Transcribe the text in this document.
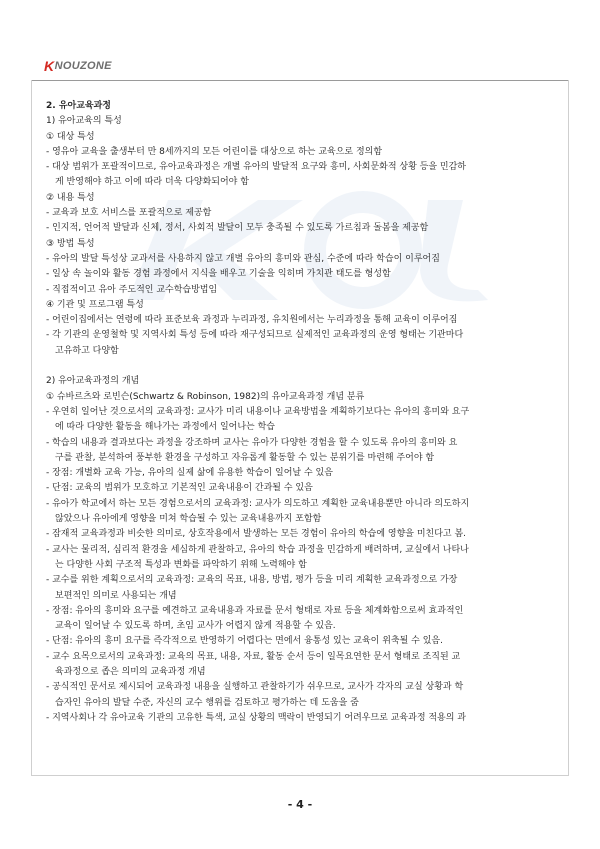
K NOUZONE
2. 유아교육과정
1) 유아교육의 특성
① 대상 특성
- 영유아 교육을 출생부터 만 8세까지의 모든 어린이를 대상으로 하는 교육으로 정의함
- 대상 범위가 포괄적이므로, 유아교육과정은 개별 유아의 발달적 요구와 흥미, 사회문화적 상황 등을 민감하
게 반영해야 하고 이에 따라 더욱 다양화되어야 함
② 내용 특성
- 교육과 보호 서비스를 포괄적으로 제공함
- 인지적, 언어적 발달과 신체, 정서, 사회적 발달이 모두 충족될 수 있도록 가르침과 돌봄을 제공함
③ 방법 특성
- 유아의 발달 특성상 교과서를 사용하지 않고 개별 유아의 흥미와 관심, 수준에 따라 학습이 이루어짐
- 일상 속 놀이와 활동 경험 과정에서 지식을 배우고 기술을 익히며 가치관 태도를 형성함
- 직접적이고 유아 주도적인 교수학습방법임
④ 기관 및 프로그램 특성
- 어린이집에서는 연령에 따라 표준보육 과정과 누리과정, 유치원에서는 누리과정을 통해 교육이 이루어짐
- 각 기관의 운영철학 및 지역사회 특성 등에 따라 재구성되므로 실제적인 교육과정의 운영 형태는 기관마다
고유하고 다양함
2) 유아교육과정의 개념
① 슈바르츠와 로빈슨(Schwartz & Robinson, 1982)의 유아교육과정 개념 분류
- 우연히 일어난 것으로서의 교육과정: 교사가 미리 내용이나 교육방법을 계획하기보다는 유아의 흥미와 요구
에 따라 다양한 활동을 해나가는 과정에서 일어나는 학습
- 학습의 내용과 결과보다는 과정을 강조하며 교사는 유아가 다양한 경험을 할 수 있도록 유아의 흥미와 요
구를 관찰, 분석하여 풍부한 환경을 구성하고 자유롭게 활동할 수 있는 분위기를 마련해 주어야 함
- 장점: 개별화 교육 가능, 유아의 실제 삶에 유용한 학습이 일어날 수 있음
- 단점: 교육의 범위가 모호하고 기본적인 교육내용이 간과될 수 있음
- 유아가 학교에서 하는 모든 경험으로서의 교육과정: 교사가 의도하고 계획한 교육내용뿐만 아니라 의도하지
않았으나 유아에게 영향을 미쳐 학습될 수 있는 교육내용까지 포함함
- 잠재적 교육과정과 비슷한 의미로, 상호작용에서 발생하는 모든 경험이 유아의 학습에 영향을 미친다고 봄.
- 교사는 물리적, 심리적 환경을 세심하게 관찰하고, 유아의 학습 과정을 민감하게 배려하며, 교실에서 나타나
는 다양한 사회 구조적 특성과 변화를 파악하기 위해 노력해야 함
- 교수를 위한 계획으로서의 교육과정: 교육의 목표, 내용, 방법, 평가 등을 미리 계획한 교육과정으로 가장
보편적인 의미로 사용되는 개념
- 장점: 유아의 흥미와 요구를 예견하고 교육내용과 자료를 문서 형태로 자료 등을 체계화함으로써 효과적인
교육이 일어날 수 있도록 하며, 초임 교사가 어렵지 않게 적용할 수 있음.
- 단점: 유아의 흥미 요구를 즉각적으로 반영하기 어렵다는 면에서 융통성 있는 교육이 위축될 수 있음.
- 교수 요목으로서의 교육과정: 교육의 목표, 내용, 자료, 활동 순서 등이 일목요연한 문서 형태로 조직된 교
육과정으로 좁은 의미의 교육과정 개념
- 공식적인 문서로 제시되어 교육과정 내용을 실행하고 관찰하기가 쉬우므로, 교사가 각자의 교실 상황과 학
습자인 유아의 발달 수준, 자신의 교수 행위를 검토하고 평가하는 데 도움을 줌
- 지역사회나 각 유아교육 기관의 고유한 특색, 교실 상황의 맥락이 반영되기 어려우므로 교육과정 적용의 과
- 4 -
